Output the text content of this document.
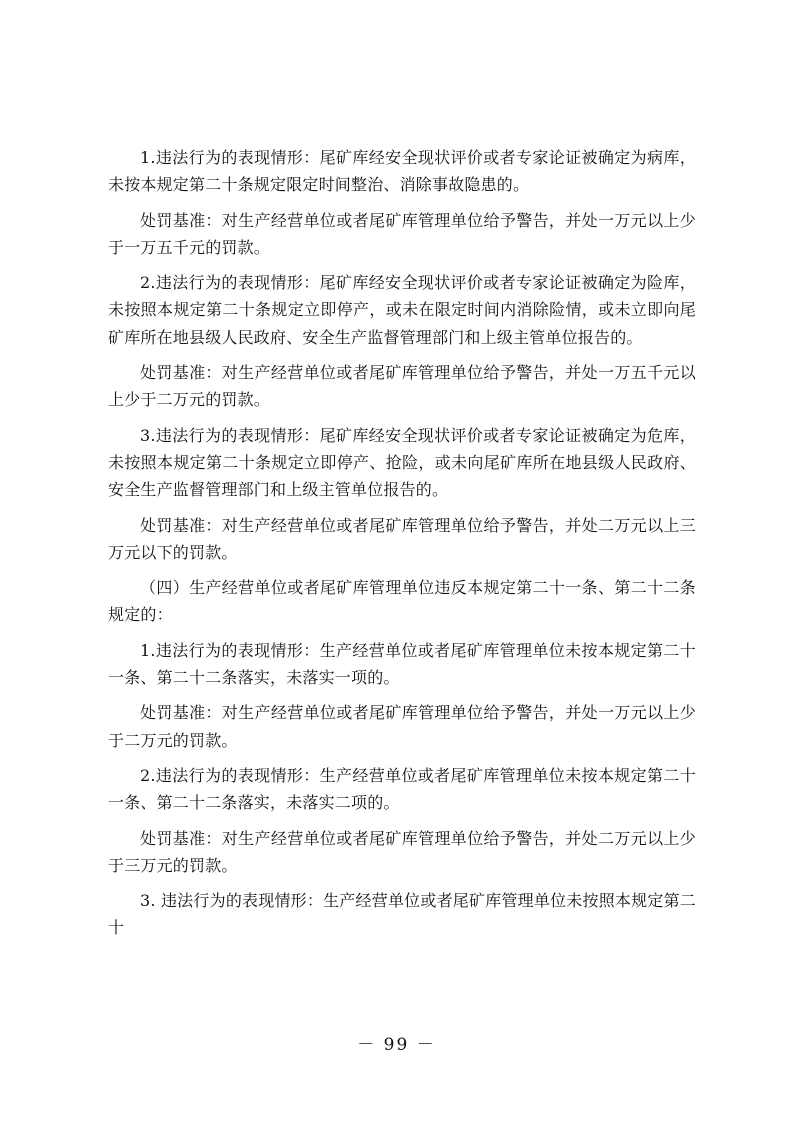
1.违法行为的表现情形：尾矿库经安全现状评价或者专家论证被确定为病库，未按本规定第二十条规定限定时间整治、消除事故隐患的。

处罚基准：对生产经营单位或者尾矿库管理单位给予警告，并处一万元以上少于一万五千元的罚款。

2.违法行为的表现情形：尾矿库经安全现状评价或者专家论证被确定为险库，未按照本规定第二十条规定立即停产，或未在限定时间内消除险情，或未立即向尾矿库所在地县级人民政府、安全生产监督管理部门和上级主管单位报告的。

处罚基准：对生产经营单位或者尾矿库管理单位给予警告，并处一万五千元以上少于二万元的罚款。

3.违法行为的表现情形：尾矿库经安全现状评价或者专家论证被确定为危库，未按照本规定第二十条规定立即停产、抢险，或未向尾矿库所在地县级人民政府、安全生产监督管理部门和上级主管单位报告的。

处罚基准：对生产经营单位或者尾矿库管理单位给予警告，并处二万元以上三万元以下的罚款。

（四）生产经营单位或者尾矿库管理单位违反本规定第二十一条、第二十二条规定的：

1.违法行为的表现情形：生产经营单位或者尾矿库管理单位未按本规定第二十一条、第二十二条落实，未落实一项的。

处罚基准：对生产经营单位或者尾矿库管理单位给予警告，并处一万元以上少于二万元的罚款。

2.违法行为的表现情形：生产经营单位或者尾矿库管理单位未按本规定第二十一条、第二十二条落实，未落实二项的。

处罚基准：对生产经营单位或者尾矿库管理单位给予警告，并处二万元以上少于三万元的罚款。

3. 违法行为的表现情形：生产经营单位或者尾矿库管理单位未按照本规定第二十

－ 99 －
